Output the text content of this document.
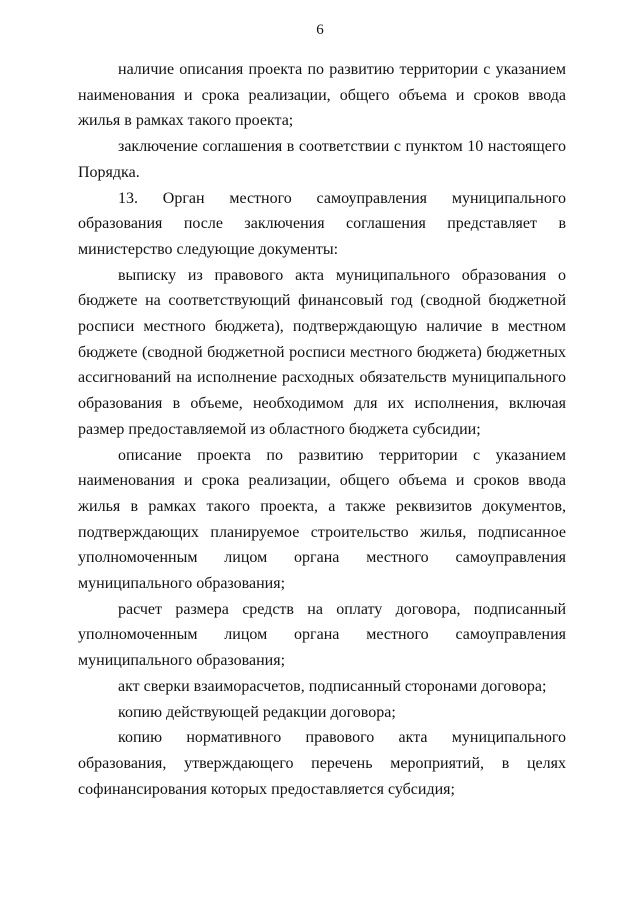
6

наличие описания проекта по развитию территории с указанием наименования и срока реализации, общего объема и сроков ввода жилья в рамках такого проекта;

заключение соглашения в соответствии с пунктом 10 настоящего Порядка.

13. Орган местного самоуправления муниципального образования после заключения соглашения представляет в министерство следующие документы:

выписку из правового акта муниципального образования о бюджете на соответствующий финансовый год (сводной бюджетной росписи местного бюджета), подтверждающую наличие в местном бюджете (сводной бюджетной росписи местного бюджета) бюджетных ассигнований на исполнение расходных обязательств муниципального образования в объеме, необходимом для их исполнения, включая размер предоставляемой из областного бюджета субсидии;

описание проекта по развитию территории с указанием наименования и срока реализации, общего объема и сроков ввода жилья в рамках такого проекта, а также реквизитов документов, подтверждающих планируемое строительство жилья, подписанное уполномоченным лицом органа местного самоуправления муниципального образования;

расчет размера средств на оплату договора, подписанный уполномоченным лицом органа местного самоуправления муниципального образования;

акт сверки взаиморасчетов, подписанный сторонами договора;

копию действующей редакции договора;

копию нормативного правового акта муниципального образования, утверждающего перечень мероприятий, в целях софинансирования которых предоставляется субсидия;
